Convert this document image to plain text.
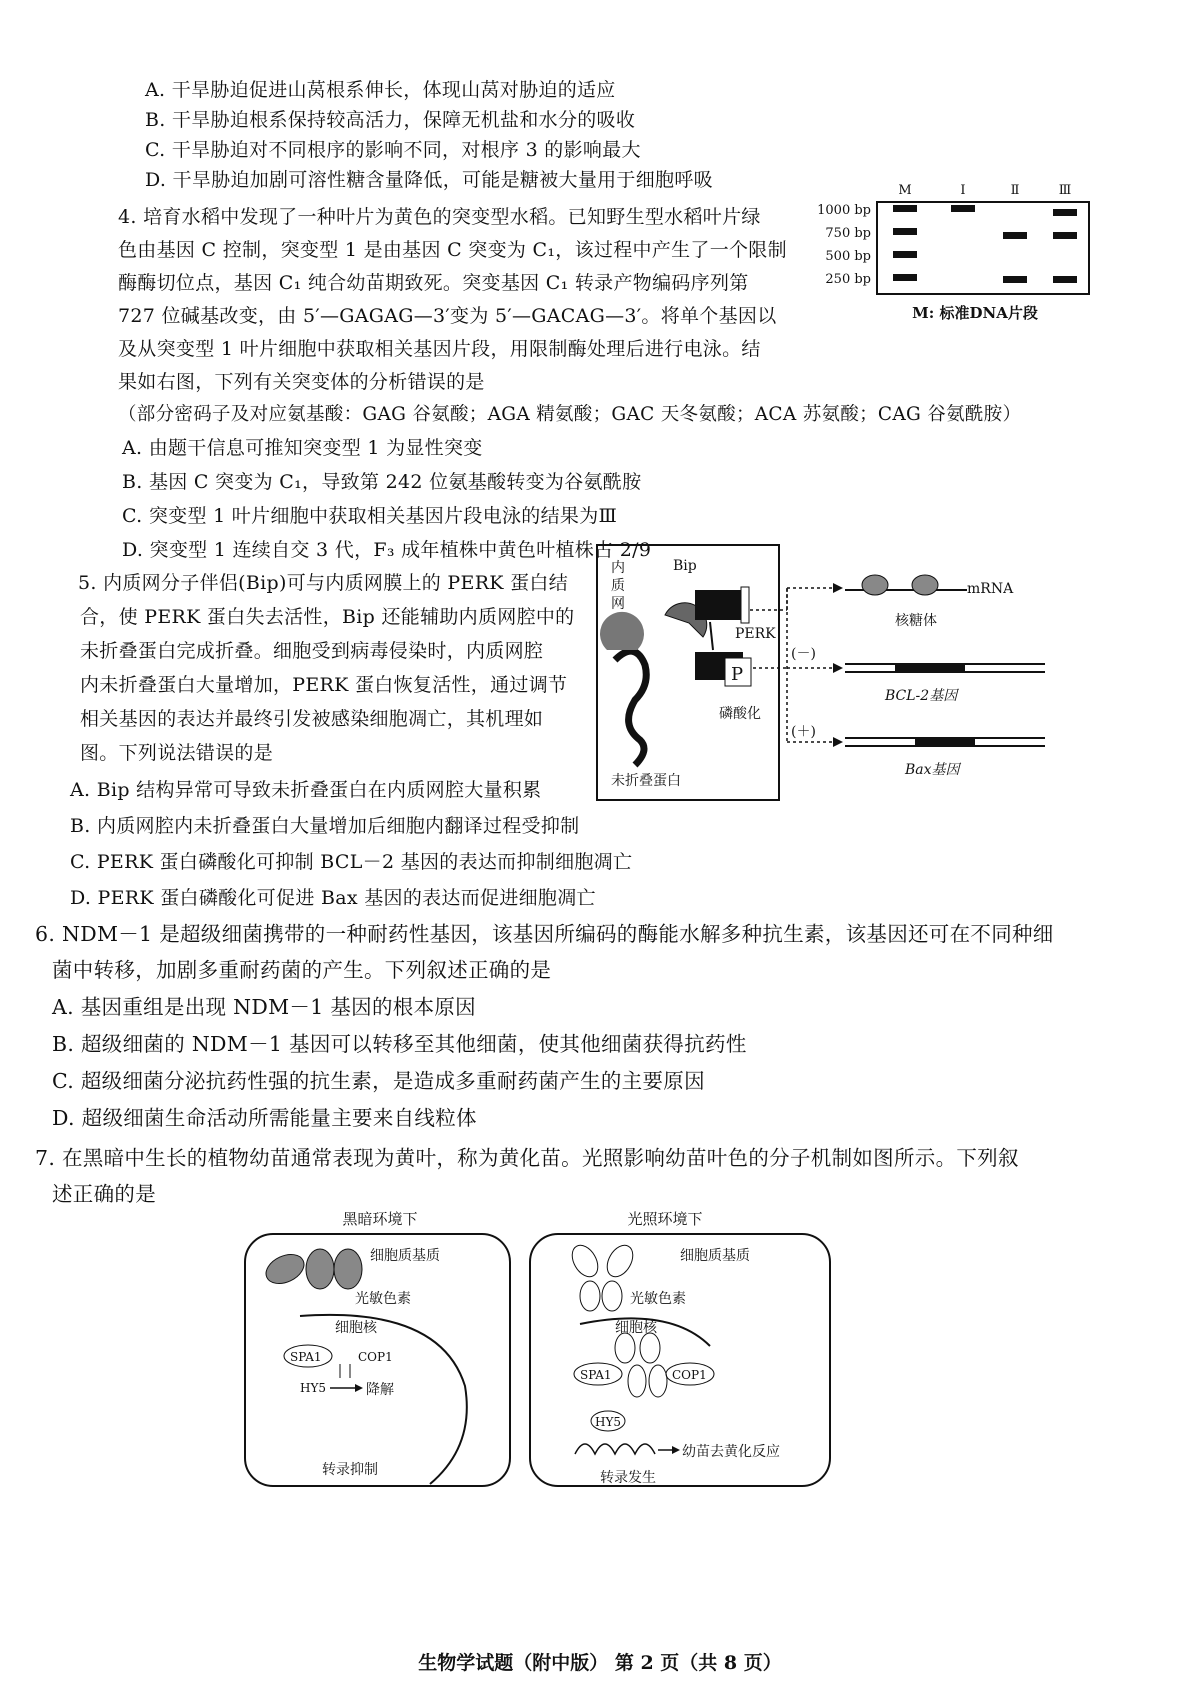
A. 干旱胁迫促进山莴根系伸长，体现山莴对胁迫的适应
B. 干旱胁迫根系保持较高活力，保障无机盐和水分的吸收
C. 干旱胁迫对不同根序的影响不同，对根序 3 的影响最大
D. 干旱胁迫加剧可溶性糖含量降低，可能是糖被大量用于细胞呼吸
4. 培育水稻中发现了一种叶片为黄色的突变型水稻。已知野生型水稻叶片绿
色由基因 C 控制，突变型 1 是由基因 C 突变为 C₁，该过程中产生了一个限制
酶酶切位点，基因 C₁ 纯合幼苗期致死。突变基因 C₁ 转录产物编码序列第
727 位碱基改变，由 5′—GAGAG—3′变为 5′—GACAG—3′。将单个基因以
及从突变型 1 叶片细胞中获取相关基因片段，用限制酶处理后进行电泳。结
果如右图，下列有关突变体的分析错误的是
（部分密码子及对应氨基酸：GAG 谷氨酸；AGA 精氨酸；GAC 天冬氨酸；ACA 苏氨酸；CAG 谷氨酰胺）
A. 由题干信息可推知突变型 1 为显性突变
B. 基因 C 突变为 C₁，导致第 242 位氨基酸转变为谷氨酰胺
C. 突变型 1 叶片细胞中获取相关基因片段电泳的结果为Ⅲ
D. 突变型 1 连续自交 3 代，F₃ 成年植株中黄色叶植株占 2/9
M	Ⅰ	Ⅱ	Ⅲ
1000 bp
750 bp
500 bp
250 bp
M: 标准DNA片段
5. 内质网分子伴侣(Bip)可与内质网膜上的 PERK 蛋白结
合，使 PERK 蛋白失去活性，Bip 还能辅助内质网腔中的
未折叠蛋白完成折叠。细胞受到病毒侵染时，内质网腔
内未折叠蛋白大量增加，PERK 蛋白恢复活性，通过调节
相关基因的表达并最终引发被感染细胞凋亡，其机理如
图。下列说法错误的是
A. Bip 结构异常可导致未折叠蛋白在内质网腔大量积累
B. 内质网腔内未折叠蛋白大量增加后细胞内翻译过程受抑制
C. PERK 蛋白磷酸化可抑制 BCL－2 基因的表达而抑制细胞凋亡
D. PERK 蛋白磷酸化可促进 Bax 基因的表达而促进细胞凋亡
内
质
网
Bip
PERK
P
磷酸化
未折叠蛋白
(－)
(＋)
mRNA
核糖体
BCL-2基因
Bax基因
6. NDM－1 是超级细菌携带的一种耐药性基因，该基因所编码的酶能水解多种抗生素，该基因还可在不同种细
菌中转移，加剧多重耐药菌的产生。下列叙述正确的是
A. 基因重组是出现 NDM－1 基因的根本原因
B. 超级细菌的 NDM－1 基因可以转移至其他细菌，使其他细菌获得抗药性
C. 超级细菌分泌抗药性强的抗生素，是造成多重耐药菌产生的主要原因
D. 超级细菌生命活动所需能量主要来自线粒体
7. 在黑暗中生长的植物幼苗通常表现为黄叶，称为黄化苗。光照影响幼苗叶色的分子机制如图所示。下列叙
述正确的是
黑暗环境下
细胞质基质
光敏色素
细胞核
SPA1	COP1
HY5	降解
转录抑制
光照环境下
细胞质基质
光敏色素
细胞核
SPA1	COP1
HY5
幼苗去黄化反应
转录发生
生物学试题（附中版） 第 2 页（共 8 页）
